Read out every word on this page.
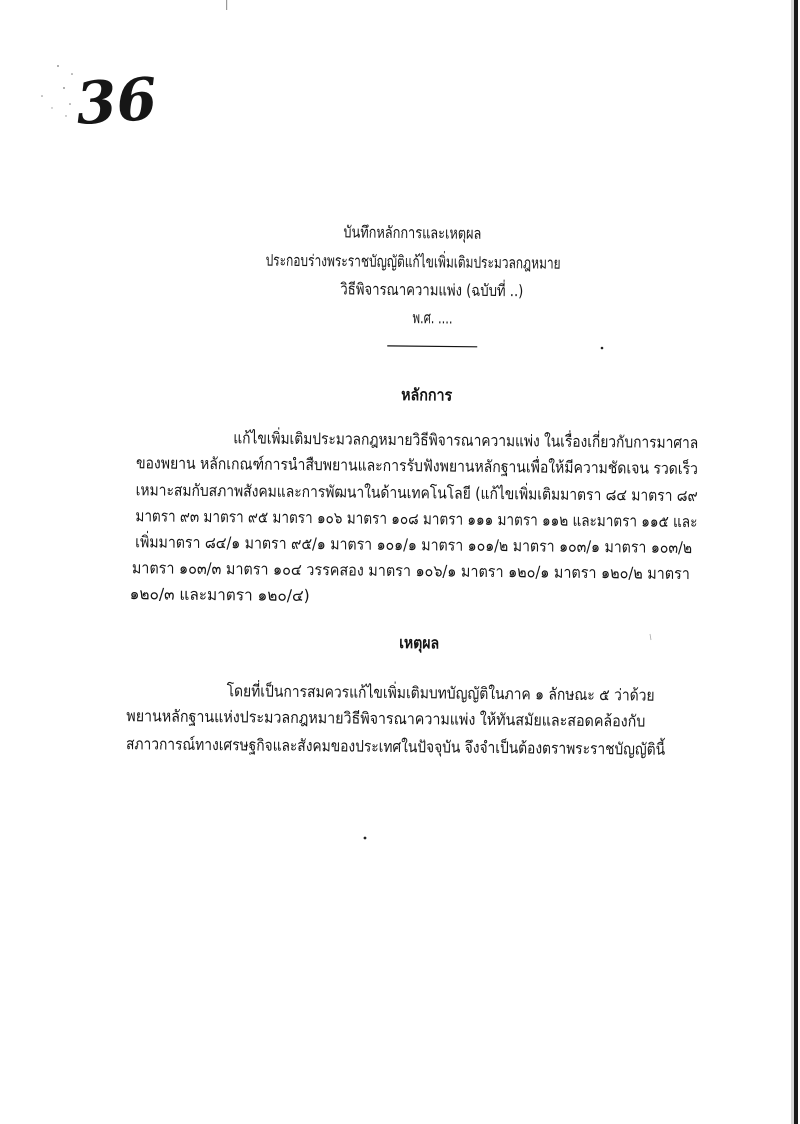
36
บันทึกหลักการและเหตุผล
ประกอบร่างพระราชบัญญัติแก้ไขเพิ่มเติมประมวลกฎหมาย
วิธีพิจารณาความแพ่ง (ฉบับที่ ..)
พ.ศ. ....
หลักการ
แก้ไขเพิ่มเติมประมวลกฎหมายวิธีพิจารณาความแพ่ง ในเรื่องเกี่ยวกับการมาศาล
ของพยาน หลักเกณฑ์การนำสืบพยานและการรับฟังพยานหลักฐานเพื่อให้มีความชัดเจน รวดเร็ว
เหมาะสมกับสภาพสังคมและการพัฒนาในด้านเทคโนโลยี (แก้ไขเพิ่มเติมมาตรา ๘๔ มาตรา ๘๙
มาตรา ๙๓ มาตรา ๙๕ มาตรา ๑๐๖ มาตรา ๑๐๘ มาตรา ๑๑๑ มาตรา ๑๑๒ และมาตรา ๑๑๕ และ
เพิ่มมาตรา ๘๔/๑ มาตรา ๙๕/๑ มาตรา ๑๐๑/๑ มาตรา ๑๐๑/๒ มาตรา ๑๐๓/๑ มาตรา ๑๐๓/๒
มาตรา ๑๐๓/๓ มาตรา ๑๐๔ วรรคสอง มาตรา ๑๐๖/๑ มาตรา ๑๒๐/๑ มาตรา ๑๒๐/๒ มาตรา
๑๒๐/๓ และมาตรา ๑๒๐/๔)
เหตุผล
โดยที่เป็นการสมควรแก้ไขเพิ่มเติมบทบัญญัติในภาค ๑ ลักษณะ ๕ ว่าด้วย
พยานหลักฐานแห่งประมวลกฎหมายวิธีพิจารณาความแพ่ง ให้ทันสมัยและสอดคล้องกับ
สภาวการณ์ทางเศรษฐกิจและสังคมของประเทศในปัจจุบัน จึงจำเป็นต้องตราพระราชบัญญัตินี้
